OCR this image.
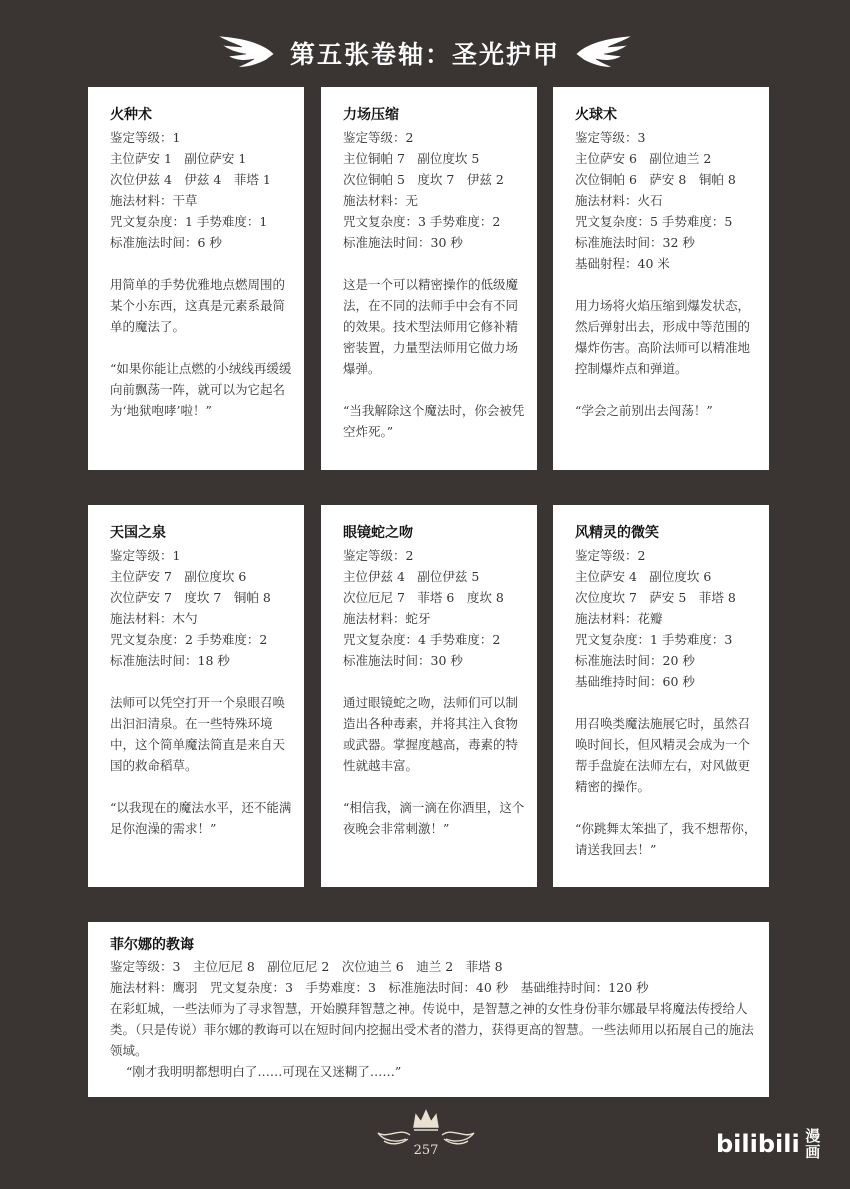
第五张卷轴：圣光护甲
火种术
鉴定等级：1
主位萨安 1　副位萨安 1
次位伊兹 4　伊兹 4　菲塔 1
施法材料：干草
咒文复杂度：1 手势难度：1
标准施法时间：6 秒
用简单的手势优雅地点燃周围的某个小东西，这真是元素系最简单的魔法了。
“如果你能让点燃的小绒线再缓缓向前飘荡一阵，就可以为它起名为‘地狱咆哮’啦！”
力场压缩
鉴定等级：2
主位铜帕 7　副位度坎 5
次位铜帕 5　度坎 7　伊兹 2
施法材料：无
咒文复杂度：3 手势难度：2
标准施法时间：30 秒
这是一个可以精密操作的低级魔法，在不同的法师手中会有不同的效果。技术型法师用它修补精密装置，力量型法师用它做力场爆弹。
“当我解除这个魔法时，你会被凭空炸死。”
火球术
鉴定等级：3
主位萨安 6　副位迪兰 2
次位铜帕 6　萨安 8　铜帕 8
施法材料：火石
咒文复杂度：5 手势难度：5
标准施法时间：32 秒
基础射程：40 米
用力场将火焰压缩到爆发状态，然后弹射出去，形成中等范围的爆炸伤害。高阶法师可以精准地控制爆炸点和弹道。
“学会之前别出去闯荡！”
天国之泉
鉴定等级：1
主位萨安 7　副位度坎 6
次位萨安 7　度坎 7　铜帕 8
施法材料：木勺
咒文复杂度：2 手势难度：2
标准施法时间：18 秒
法师可以凭空打开一个泉眼召唤出汩汩清泉。在一些特殊环境中，这个简单魔法简直是来自天国的救命稻草。
“以我现在的魔法水平，还不能满足你泡澡的需求！”
眼镜蛇之吻
鉴定等级：2
主位伊兹 4　副位伊兹 5
次位厄尼 7　菲塔 6　度坎 8
施法材料：蛇牙
咒文复杂度：4 手势难度：2
标准施法时间：30 秒
通过眼镜蛇之吻，法师们可以制造出各种毒素，并将其注入食物或武器。掌握度越高，毒素的特性就越丰富。
“相信我，滴一滴在你酒里，这个夜晚会非常刺激！”
风精灵的微笑
鉴定等级：2
主位萨安 4　副位度坎 6
次位度坎 7　萨安 5　菲塔 8
施法材料：花瓣
咒文复杂度：1 手势难度：3
标准施法时间：20 秒
基础维持时间：60 秒
用召唤类魔法施展它时，虽然召唤时间长，但风精灵会成为一个帮手盘旋在法师左右，对风做更精密的操作。
“你跳舞太笨拙了，我不想帮你，请送我回去！”
菲尔娜的教诲
鉴定等级：3　主位厄尼 8　副位厄尼 2　次位迪兰 6　迪兰 2　菲塔 8
施法材料：鹰羽　咒文复杂度：3　手势难度：3　标准施法时间：40 秒　基础维持时间：120 秒
在彩虹城，一些法师为了寻求智慧，开始膜拜智慧之神。传说中，是智慧之神的女性身份菲尔娜最早将魔法传授给人类。（只是传说）菲尔娜的教诲可以在短时间内挖掘出受术者的潜力，获得更高的智慧。一些法师用以拓展自己的施法领域。
“刚才我明明都想明白了……可现在又迷糊了……”
257	bilibili 漫画
